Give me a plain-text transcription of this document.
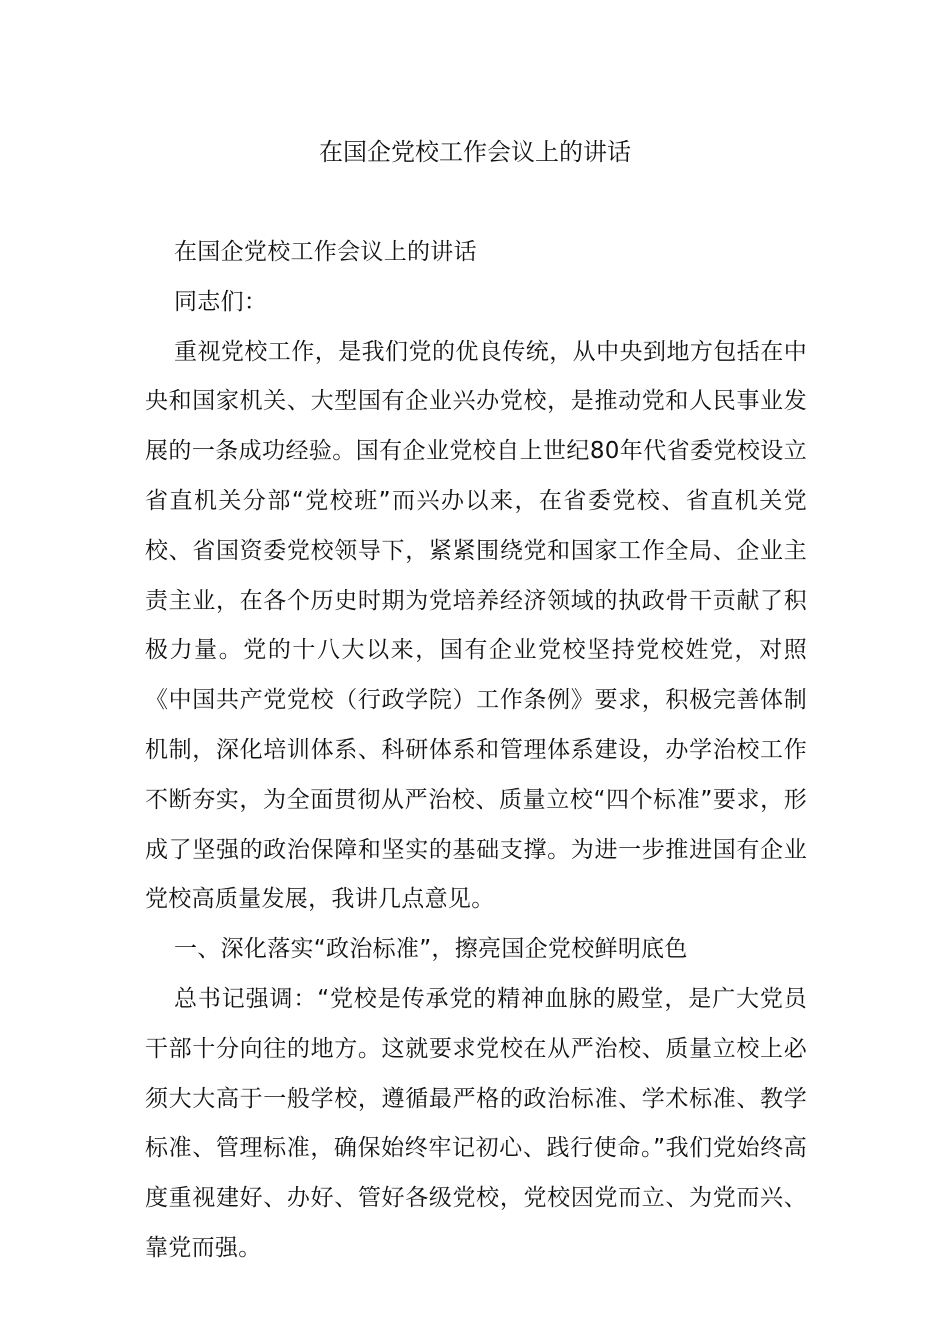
在国企党校工作会议上的讲话

在国企党校工作会议上的讲话

同志们：

重视党校工作，是我们党的优良传统，从中央到地方包括在中央和国家机关、大型国有企业兴办党校，是推动党和人民事业发展的一条成功经验。国有企业党校自上世纪80年代省委党校设立省直机关分部“党校班”而兴办以来，在省委党校、省直机关党校、省国资委党校领导下，紧紧围绕党和国家工作全局、企业主责主业，在各个历史时期为党培养经济领域的执政骨干贡献了积极力量。党的十八大以来，国有企业党校坚持党校姓党，对照《中国共产党党校（行政学院）工作条例》要求，积极完善体制机制，深化培训体系、科研体系和管理体系建设，办学治校工作不断夯实，为全面贯彻从严治校、质量立校“四个标准”要求，形成了坚强的政治保障和坚实的基础支撑。为进一步推进国有企业党校高质量发展，我讲几点意见。

一、深化落实“政治标准”，擦亮国企党校鲜明底色

总书记强调：“党校是传承党的精神血脉的殿堂，是广大党员干部十分向往的地方。这就要求党校在从严治校、质量立校上必须大大高于一般学校，遵循最严格的政治标准、学术标准、教学标准、管理标准，确保始终牢记初心、践行使命。”我们党始终高度重视建好、办好、管好各级党校，党校因党而立、为党而兴、靠党而强。
